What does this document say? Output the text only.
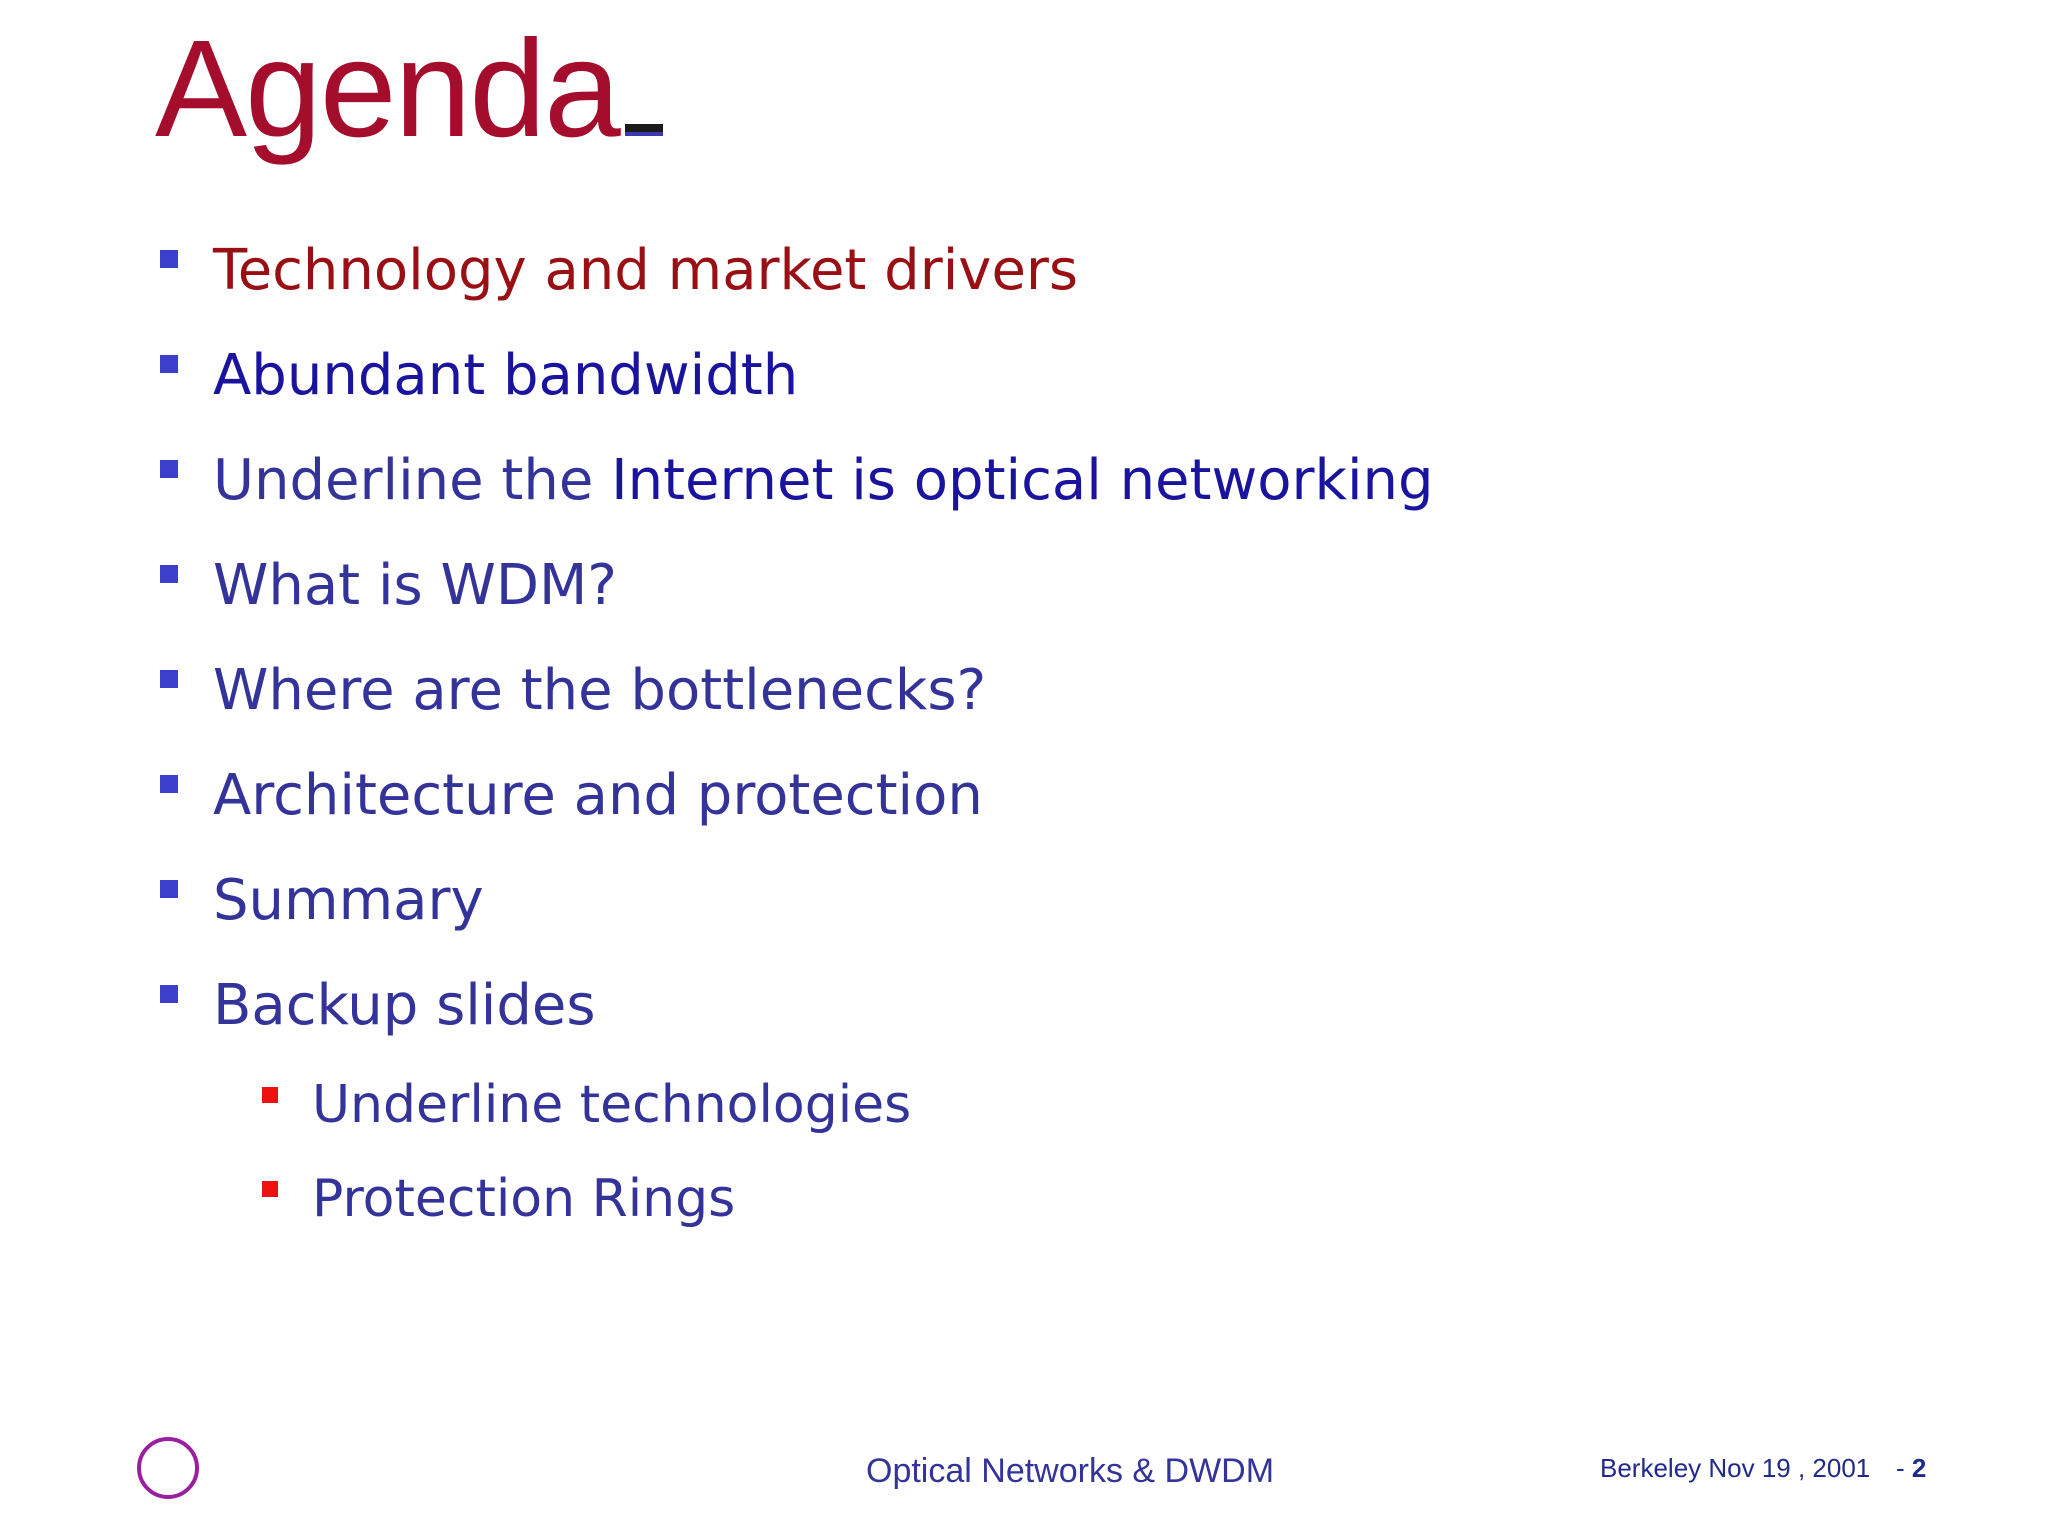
Agenda
Technology and market drivers
Abundant bandwidth
Underline the Internet is optical networking
What is WDM?
Where are the bottlenecks?
Architecture and protection
Summary
Backup slides
Underline technologies
Protection Rings
Optical Networks & DWDM	Berkeley Nov 19 , 2001 - 2
